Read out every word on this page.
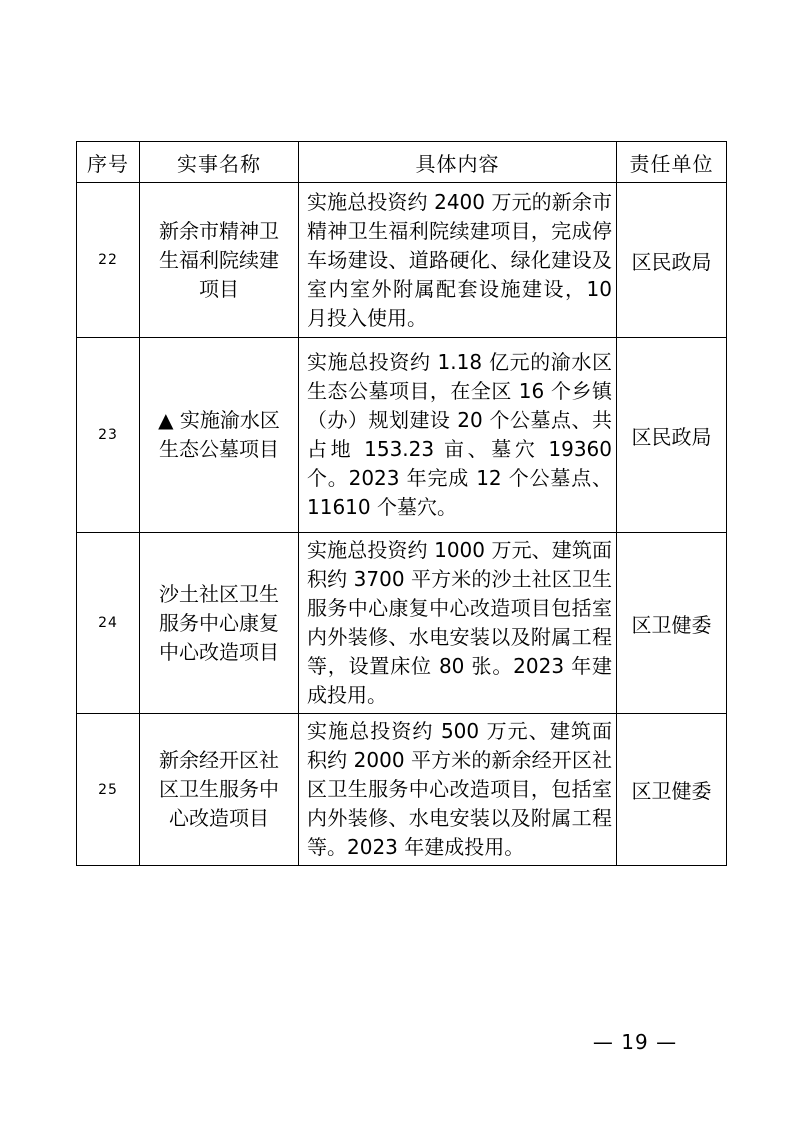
序号	实事名称	具体内容	责任单位
22	新余市精神卫生福利院续建项目	实施总投资约 2400 万元的新余市精神卫生福利院续建项目，完成停车场建设、道路硬化、绿化建设及室内室外附属配套设施建设，10 月投入使用。	区民政局
23	▲ 实施渝水区生态公墓项目	实施总投资约 1.18 亿元的渝水区生态公墓项目，在全区 16 个乡镇（办）规划建设 20 个公墓点、共占地 153.23 亩、墓穴 19360 个。2023 年完成 12 个公墓点、11610 个墓穴。	区民政局
24	沙土社区卫生服务中心康复中心改造项目	实施总投资约 1000 万元、建筑面积约 3700 平方米的沙土社区卫生服务中心康复中心改造项目包括室内外装修、水电安装以及附属工程等，设置床位 80 张。2023 年建成投用。	区卫健委
25	新余经开区社区卫生服务中心改造项目	实施总投资约 500 万元、建筑面积约 2000 平方米的新余经开区社区卫生服务中心改造项目，包括室内外装修、水电安装以及附属工程等。2023 年建成投用。	区卫健委
— 19 —
